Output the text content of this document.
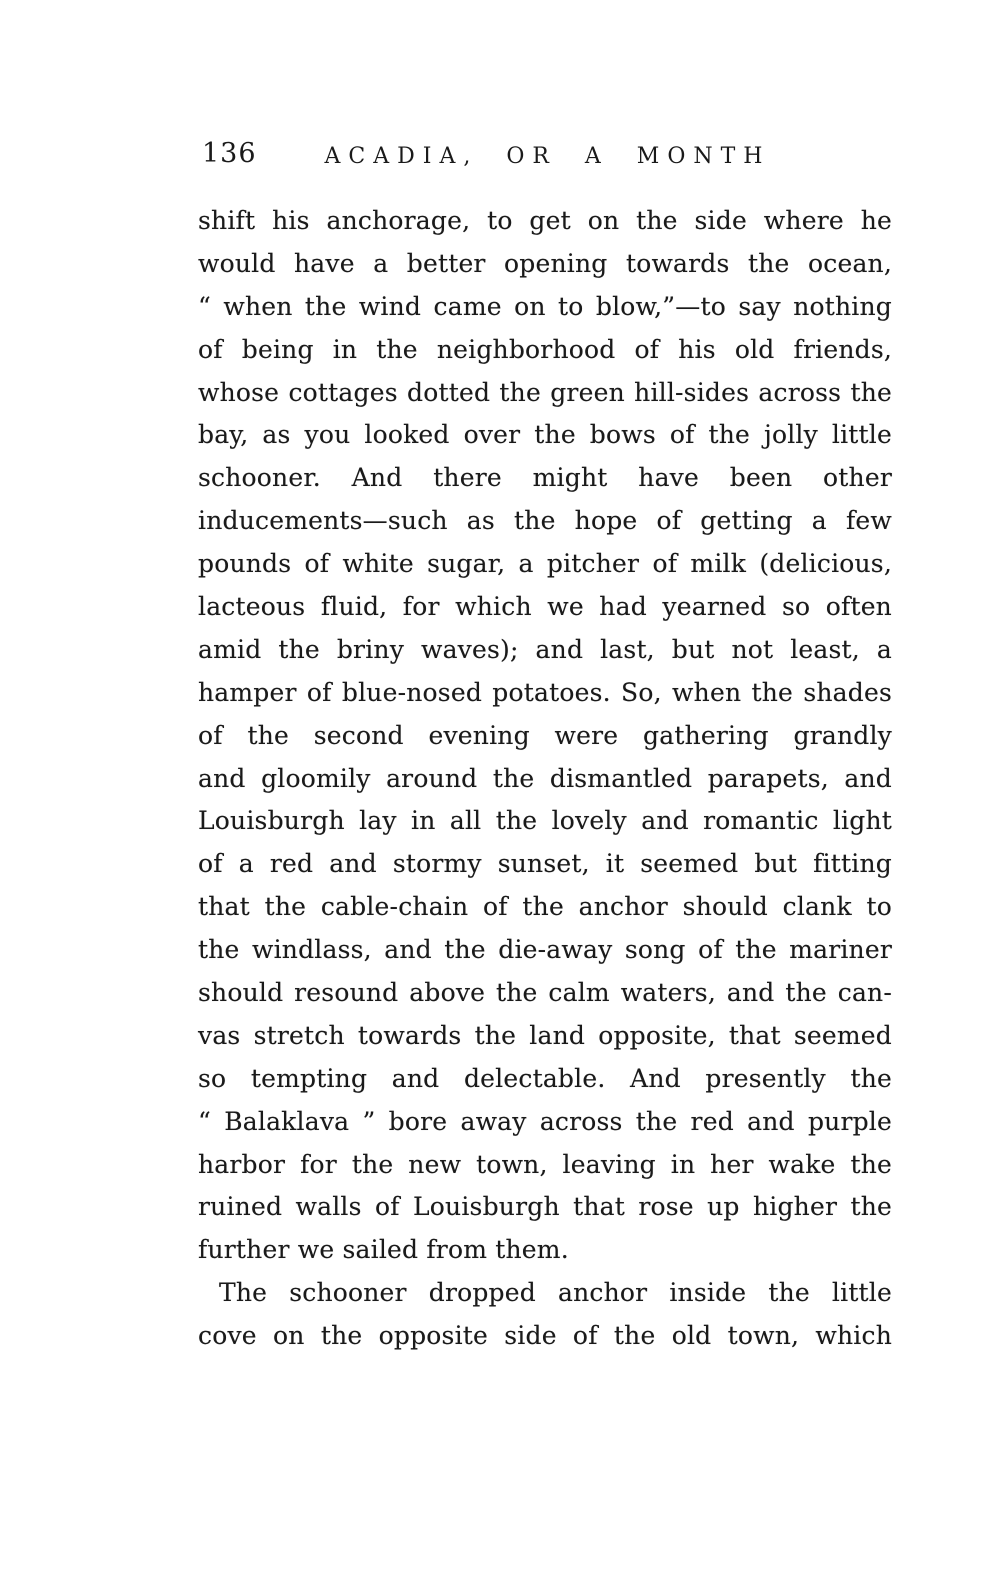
136	ACADIA, OR A MONTH
shift his anchorage, to get on the side where he
would have a better opening towards the ocean,
“ when the wind came on to blow,”—to say nothing
of being in the neighborhood of his old friends,
whose cottages dotted the green hill-sides across the
bay, as you looked over the bows of the jolly little
schooner. And there might have been other
inducements—such as the hope of getting a few
pounds of white sugar, a pitcher of milk (delicious,
lacteous fluid, for which we had yearned so often
amid the briny waves); and last, but not least, a
hamper of blue-nosed potatoes. So, when the shades
of the second evening were gathering grandly
and gloomily around the dismantled parapets, and
Louisburgh lay in all the lovely and romantic light
of a red and stormy sunset, it seemed but fitting
that the cable-chain of the anchor should clank to
the windlass, and the die-away song of the mariner
should resound above the calm waters, and the can-
vas stretch towards the land opposite, that seemed
so tempting and delectable. And presently the
“ Balaklava ” bore away across the red and purple
harbor for the new town, leaving in her wake the
ruined walls of Louisburgh that rose up higher the
further we sailed from them.
The schooner dropped anchor inside the little
cove on the opposite side of the old town, which
